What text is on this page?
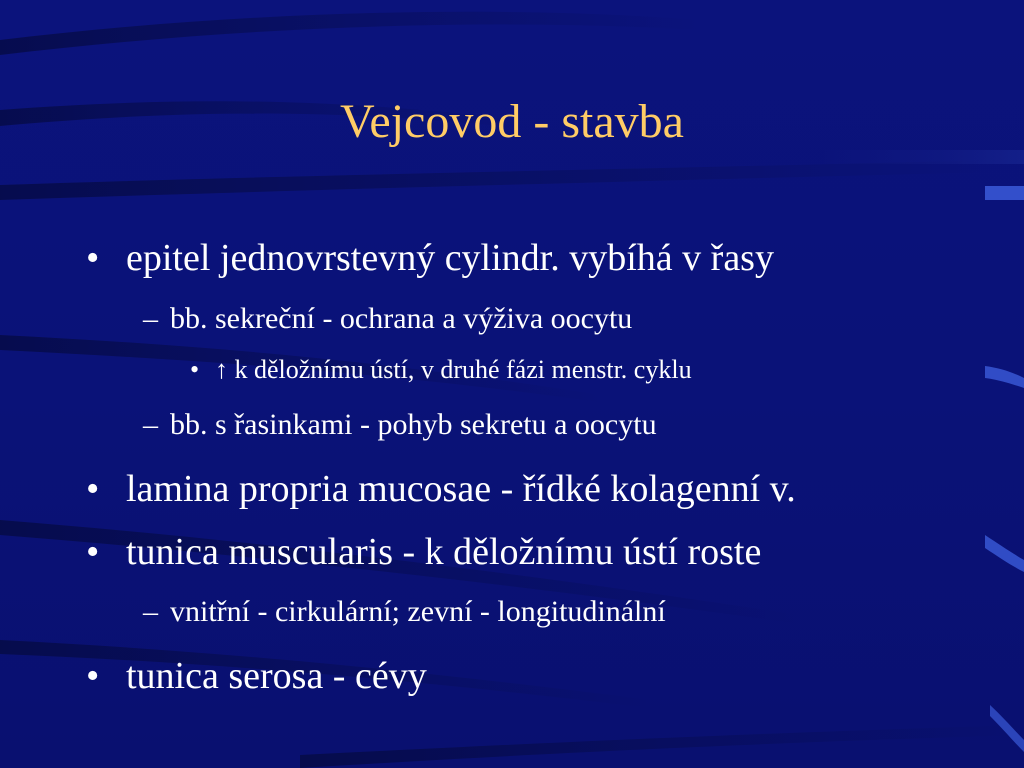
Vejcovod - stavba
• epitel jednovrstevný cylindr. vybíhá v řasy
– bb. sekreční - ochrana a výživa oocytu
• ↑ k děložnímu ústí, v druhé fázi menstr. cyklu
– bb. s řasinkami - pohyb sekretu a oocytu
• lamina propria mucosae - řídké kolagenní v.
• tunica muscularis - k děložnímu ústí roste
– vnitřní - cirkulární; zevní - longitudinální
• tunica serosa - cévy
